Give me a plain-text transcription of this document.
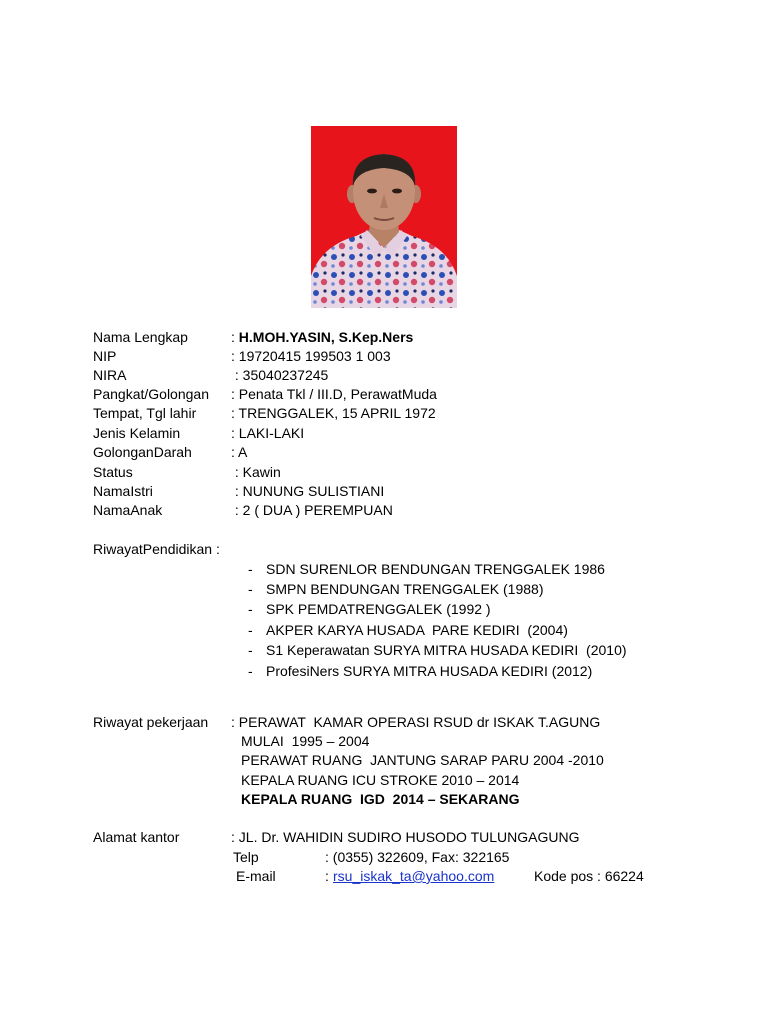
Nama Lengkap	: H.MOH.YASIN, S.Kep.Ners
NIP	: 19720415 199503 1 003
NIRA	: 35040237245
Pangkat/Golongan : Penata Tkl / III.D, PerawatMuda
Tempat, Tgl lahir : TRENGGALEK, 15 APRIL 1972
Jenis Kelamin	: LAKI-LAKI
GolonganDarah	: A
Status	: Kawin
NamaIstri	: NUNUNG SULISTIANI
NamaAnak	: 2 ( DUA ) PEREMPUAN
RiwayatPendidikan :
- SDN SURENLOR BENDUNGAN TRENGGALEK 1986
- SMPN BENDUNGAN TRENGGALEK (1988)
- SPK PEMDATRENGGALEK (1992 )
- AKPER KARYA HUSADA  PARE KEDIRI  (2004)
- S1 Keperawatan SURYA MITRA HUSADA KEDIRI  (2010)
- ProfesiNers SURYA MITRA HUSADA KEDIRI (2012)
Riwayat pekerjaan : PERAWAT  KAMAR OPERASI RSUD dr ISKAK T.AGUNG
MULAI  1995 – 2004
PERAWAT RUANG  JANTUNG SARAP PARU 2004 -2010
KEPALA RUANG ICU STROKE 2010 – 2014
KEPALA RUANG  IGD  2014 – SEKARANG
Alamat kantor	: JL. Dr. WAHIDIN SUDIRO HUSODO TULUNGAGUNG
Telp	: (0355) 322609, Fax: 322165
E-mail	: rsu_iskak_ta@yahoo.com	Kode pos : 66224
